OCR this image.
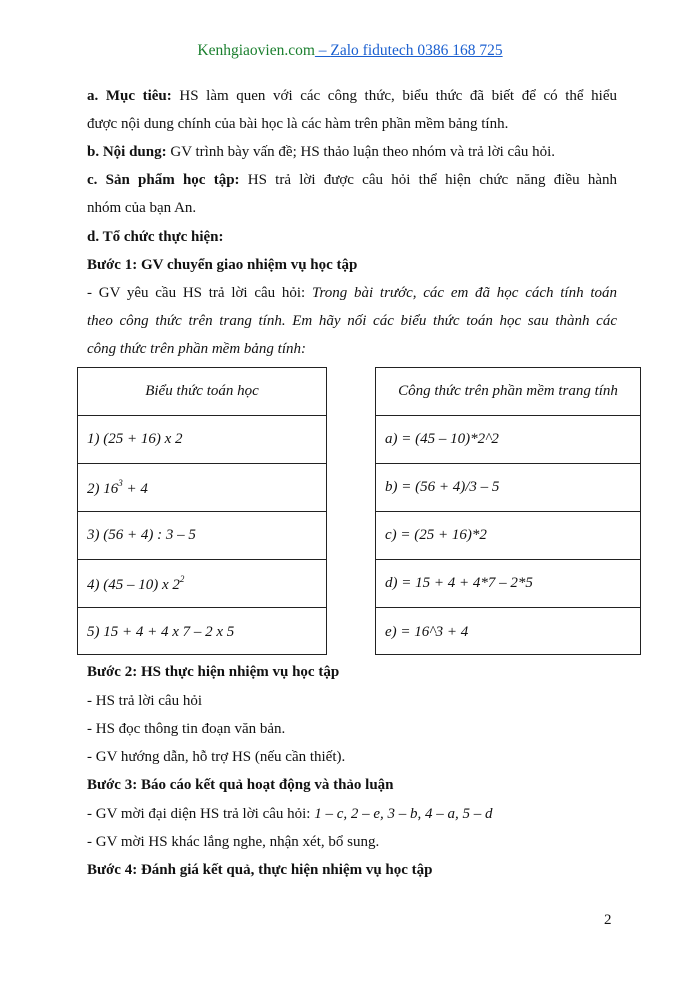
Kenhgiaovien.com – Zalo fidutech 0386 168 725
a. Mục tiêu: HS làm quen với các công thức, biểu thức đã biết để có thể hiểu
được nội dung chính của bài học là các hàm trên phần mềm bảng tính.
b. Nội dung: GV trình bày vấn đề; HS thảo luận theo nhóm và trả lời câu hỏi.
c. Sản phẩm học tập: HS trả lời được câu hỏi thể hiện chức năng điều hành
nhóm của bạn An.
d. Tổ chức thực hiện:
Bước 1: GV chuyển giao nhiệm vụ học tập
- GV yêu cầu HS trả lời câu hỏi: Trong bài trước, các em đã học cách tính toán
theo công thức trên trang tính. Em hãy nối các biểu thức toán học sau thành các
công thức trên phần mềm bảng tính:
Biểu thức toán học
1) (25 + 16) x 2
2) $16^3 + 4$
3) (56 + 4) : 3 – 5
4) (45 – 10) x $2^2$
5) 15 + 4 + 4 x 7 – 2 x 5
Công thức trên phần mềm trang tính
a) = (45 – 10)*2^2
b) = (56 + 4)/3 – 5
c) = (25 + 16)*2
d) = 15 + 4 + 4*7 – 2*5
e) = 16^3 + 4
Bước 2: HS thực hiện nhiệm vụ học tập
- HS trả lời câu hỏi
- HS đọc thông tin đoạn văn bản.
- GV hướng dẫn, hỗ trợ HS (nếu cần thiết).
Bước 3: Báo cáo kết quả hoạt động và thảo luận
- GV mời đại diện HS trả lời câu hỏi: 1 – c, 2 – e, 3 – b, 4 – a, 5 – d
- GV mời HS khác lắng nghe, nhận xét, bổ sung.
Bước 4: Đánh giá kết quả, thực hiện nhiệm vụ học tập
2
